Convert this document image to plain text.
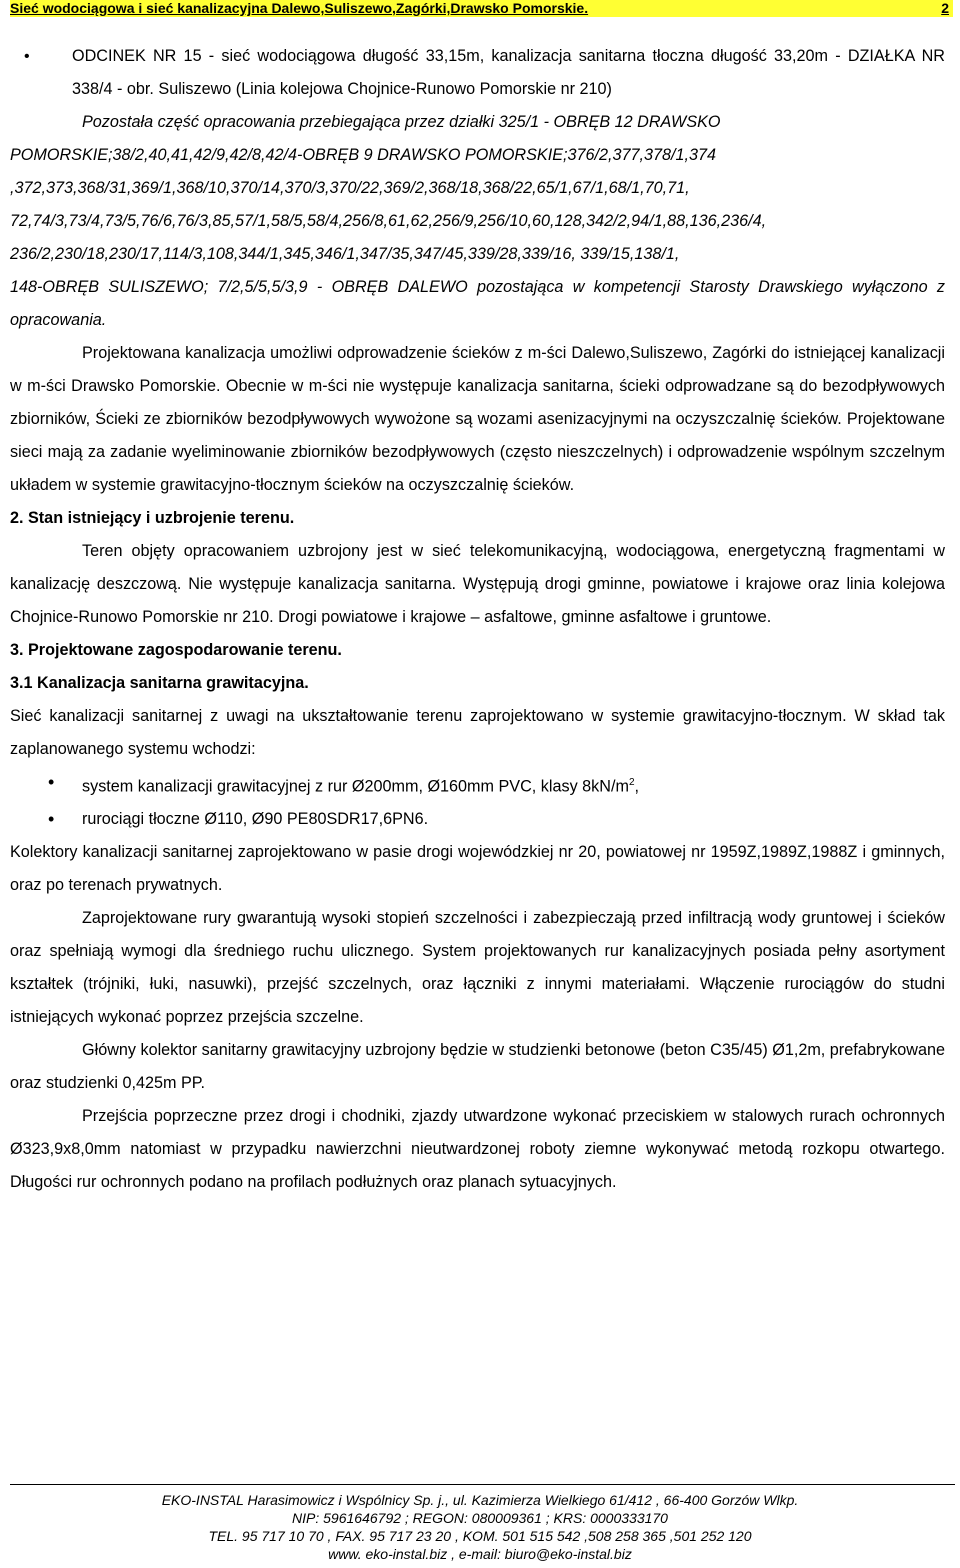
Sieć wodociągowa i sieć kanalizacyjna Dalewo,Suliszewo,Zagórki,Drawsko Pomorskie.	2

•	ODCINEK NR 15 - sieć wodociągowa długość 33,15m, kanalizacja sanitarna tłoczna długość 33,20m - DZIAŁKA NR 338/4 - obr. Suliszewo (Linia kolejowa Chojnice-Runowo Pomorskie nr 210)

Pozostała część opracowania przebiegająca przez działki 325/1 - OBRĘB 12 DRAWSKO

POMORSKIE;38/2,40,41,42/9,42/8,42/4-OBRĘB 9 DRAWSKO POMORSKIE;376/2,377,378/1,374

,372,373,368/31,369/1,368/10,370/14,370/3,370/22,369/2,368/18,368/22,65/1,67/1,68/1,70,71,

72,74/3,73/4,73/5,76/6,76/3,85,57/1,58/5,58/4,256/8,61,62,256/9,256/10,60,128,342/2,94/1,88,136,236/4,

236/2,230/18,230/17,114/3,108,344/1,345,346/1,347/35,347/45,339/28,339/16, 339/15,138/1,

148-OBRĘB SULISZEWO; 7/2,5/5,5/3,9 - OBRĘB DALEWO pozostająca w kompetencji Starosty Drawskiego wyłączono z opracowania.

Projektowana kanalizacja umożliwi odprowadzenie ścieków z m-ści Dalewo,Suliszewo, Zagórki do istniejącej kanalizacji w m-ści Drawsko Pomorskie. Obecnie w m-ści nie występuje kanalizacja sanitarna, ścieki odprowadzane są do bezodpływowych zbiorników, Ścieki ze zbiorników bezodpływowych wywożone są wozami asenizacyjnymi na oczyszczalnię ścieków. Projektowane sieci mają za zadanie wyeliminowanie zbiorników bezodpływowych (często nieszczelnych) i odprowadzenie wspólnym szczelnym układem w systemie grawitacyjno-tłocznym ścieków na oczyszczalnię ścieków.

2. Stan istniejący i uzbrojenie terenu.

Teren objęty opracowaniem uzbrojony jest w sieć telekomunikacyjną, wodociągowa, energetyczną fragmentami w kanalizację deszczową. Nie występuje kanalizacja sanitarna. Występują drogi gminne, powiatowe i krajowe oraz linia kolejowa Chojnice-Runowo Pomorskie nr 210. Drogi powiatowe i krajowe – asfaltowe, gminne asfaltowe i gruntowe.

3. Projektowane zagospodarowanie terenu.

3.1 Kanalizacja sanitarna grawitacyjna.

Sieć kanalizacji sanitarnej z uwagi na ukształtowanie terenu zaprojektowano w systemie grawitacyjno-tłocznym. W skład tak zaplanowanego systemu wchodzi:

• system kanalizacji grawitacyjnej z rur Ø200mm, Ø160mm PVC, klasy $8kN/m^2$,

• rurociągi tłoczne Ø110, Ø90 PE80SDR17,6PN6.

Kolektory kanalizacji sanitarnej zaprojektowano w pasie drogi wojewódzkiej nr 20, powiatowej nr 1959Z,1989Z,1988Z i gminnych, oraz po terenach prywatnych.

Zaprojektowane rury gwarantują wysoki stopień szczelności i zabezpieczają przed infiltracją wody gruntowej i ścieków oraz spełniają wymogi dla średniego ruchu ulicznego. System projektowanych rur kanalizacyjnych posiada pełny asortyment kształtek (trójniki, łuki, nasuwki), przejść szczelnych, oraz łączniki z innymi materiałami. Włączenie rurociągów do studni istniejących wykonać poprzez przejścia szczelne.

Główny kolektor sanitarny grawitacyjny uzbrojony będzie w studzienki betonowe (beton C35/45) Ø1,2m, prefabrykowane oraz studzienki 0,425m PP.

Przejścia poprzeczne przez drogi i chodniki, zjazdy utwardzone wykonać przeciskiem w stalowych rurach ochronnych Ø323,9x8,0mm natomiast w przypadku nawierzchni nieutwardzonej roboty ziemne wykonywać metodą rozkopu otwartego. Długości rur ochronnych podano na profilach podłużnych oraz planach sytuacyjnych.

EKO-INSTAL Harasimowicz i Wspólnicy Sp. j., ul. Kazimierza Wielkiego 61/412 , 66-400 Gorzów Wlkp.
NIP: 5961646792 ; REGON: 080009361 ; KRS: 0000333170
TEL. 95 717 10 70 , FAX. 95 717 23 20 , KOM. 501 515 542 ,508 258 365 ,501 252 120
www. eko-instal.biz , e-mail: biuro@eko-instal.biz
